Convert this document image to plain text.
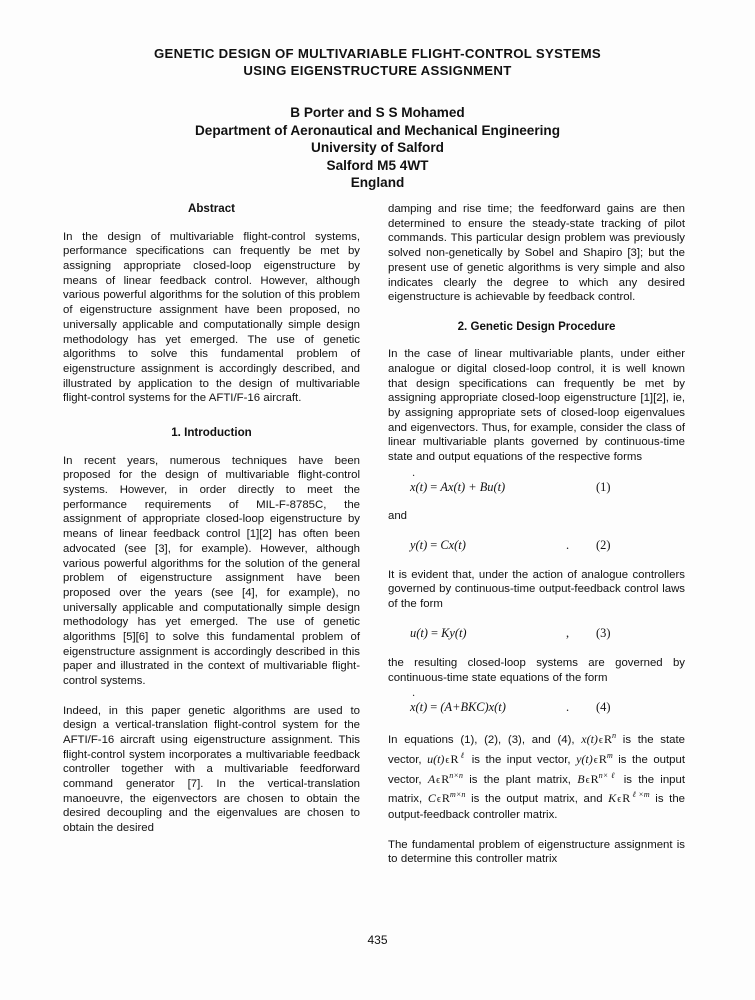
GENETIC DESIGN OF MULTIVARIABLE FLIGHT-CONTROL SYSTEMS
USING EIGENSTRUCTURE ASSIGNMENT
B Porter and S S Mohamed
Department of Aeronautical and Mechanical Engineering
University of Salford
Salford M5 4WT
England
Abstract

In the design of multivariable flight-control systems, performance specifications can frequently be met by assigning appropriate closed-loop eigenstructure by means of linear feedback control. However, although various powerful algorithms for the solution of this problem of eigenstructure assignment have been proposed, no universally applicable and computationally simple design methodology has yet emerged. The use of genetic algorithms to solve this fundamental problem of eigenstructure assignment is accordingly described, and illustrated by application to the design of multivariable flight-control systems for the AFTI/F-16 aircraft.

1. Introduction

In recent years, numerous techniques have been proposed for the design of multivariable flight-control systems. However, in order directly to meet the performance requirements of MIL-F-8785C, the assignment of appropriate closed-loop eigenstructure by means of linear feedback control [1][2] has often been advocated (see [3], for example). However, although various powerful algorithms for the solution of the general problem of eigenstructure assignment have been proposed over the years (see [4], for example), no universally applicable and computationally simple design methodology has yet emerged. The use of genetic algorithms [5][6] to solve this fundamental problem of eigenstructure assignment is accordingly described in this paper and illustrated in the context of multivariable flight-control systems.

Indeed, in this paper genetic algorithms are used to design a vertical-translation flight-control system for the AFTI/F-16 aircraft using eigenstructure assignment. This flight-control system incorporates a multivariable feedback controller together with a multivariable feedforward command generator [7]. In the vertical-translation manoeuvre, the eigenvectors are chosen to obtain the desired decoupling and the eigenvalues are chosen to obtain the desired

damping and rise time; the feedforward gains are then determined to ensure the steady-state tracking of pilot commands. This particular design problem was previously solved non-genetically by Sobel and Shapiro [3]; but the present use of genetic algorithms is very simple and also indicates clearly the degree to which any desired eigenstructure is achievable by feedback control.

2. Genetic Design Procedure

In the case of linear multivariable plants, under either analogue or digital closed-loop control, it is well known that design specifications can frequently be met by assigning appropriate closed-loop eigenstructure [1][2], ie, by assigning appropriate sets of closed-loop eigenvalues and eigenvectors. Thus, for example, consider the class of linear multivariable plants governed by continuous-time state and output equations of the respective forms

˙ x(t) = Ax(t) + Bu(t)	(1)

and

y(t) = Cx(t)	. (2)

It is evident that, under the action of analogue controllers governed by continuous-time output-feedback control laws of the form

u(t) = Ky(t)	, (3)

the resulting closed-loop systems are governed by continuous-time state equations of the form

˙ x(t) = (A+BKC)x(t)	. (4)

In equations (1), (2), (3), and (4), $x(t)\epsilon R^n$ is the state vector, $u(t)\epsilon R^\ell$ is the input vector, $y(t)\epsilon R^m$ is the output vector, AϵR$^{n\times n}$ is the plant matrix, BϵR$^{n\times\ell}$ is the input matrix, CϵR$^{m\times n}$ is the output matrix, and KϵR$^{\ell\times m}$ is the output-feedback controller matrix.

The fundamental problem of eigenstructure assignment is to determine this controller matrix

435
